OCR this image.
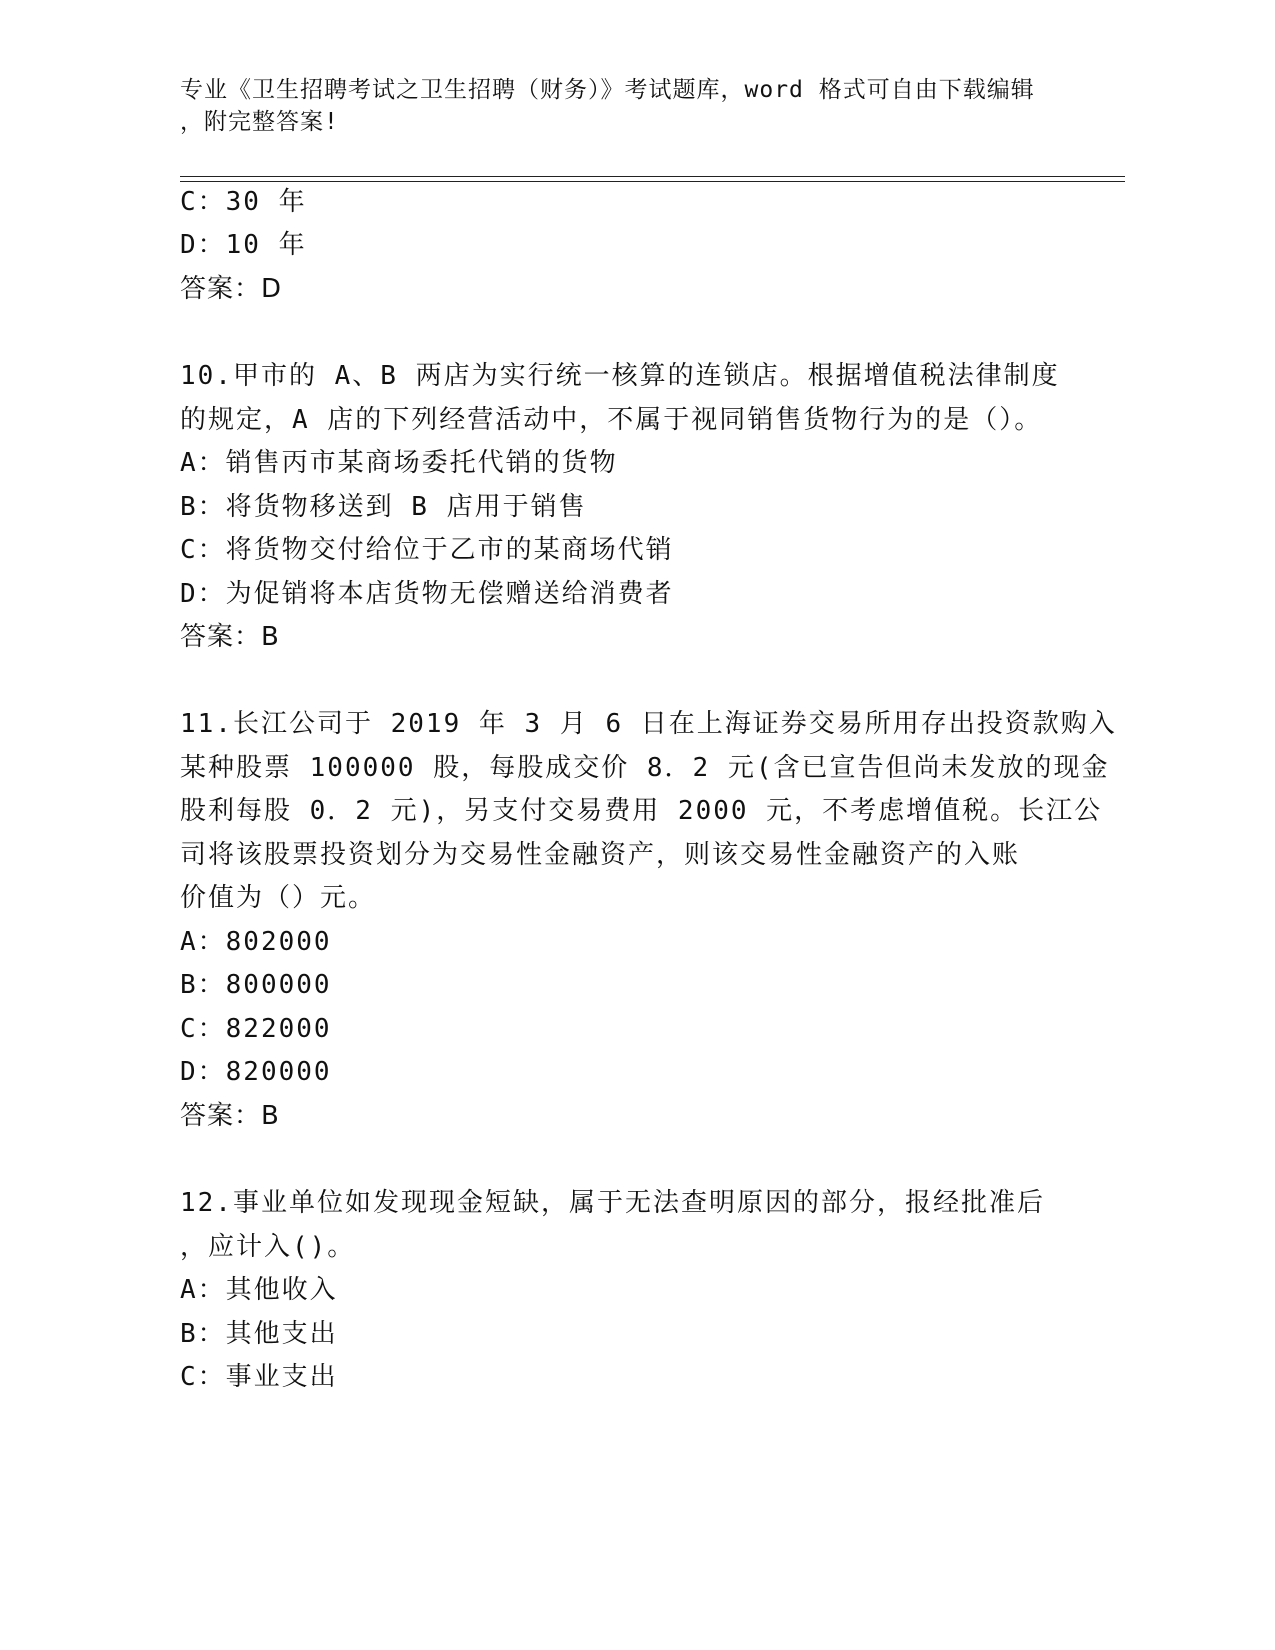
专业《卫生招聘考试之卫生招聘（财务）》考试题库，word 格式可自由下载编辑
，附完整答案!
C：30 年
D：10 年
答案：D
10.甲市的 A、B 两店为实行统一核算的连锁店。根据增值税法律制度
的规定，A 店的下列经营活动中，不属于视同销售货物行为的是（）。
A：销售丙市某商场委托代销的货物
B：将货物移送到 B 店用于销售
C：将货物交付给位于乙市的某商场代销
D：为促销将本店货物无偿赠送给消费者
答案：B
11.长江公司于 2019 年 3 月 6 日在上海证券交易所用存出投资款购入
某种股票 100000 股，每股成交价 8．2 元(含已宣告但尚未发放的现金
股利每股 0．2 元)，另支付交易费用 2000 元，不考虑增值税。长江公
司将该股票投资划分为交易性金融资产，则该交易性金融资产的入账
价值为（）元。
A：802000
B：800000
C：822000
D：820000
答案：B
12.事业单位如发现现金短缺，属于无法查明原因的部分，报经批准后
，应计入()。
A：其他收入
B：其他支出
C：事业支出
